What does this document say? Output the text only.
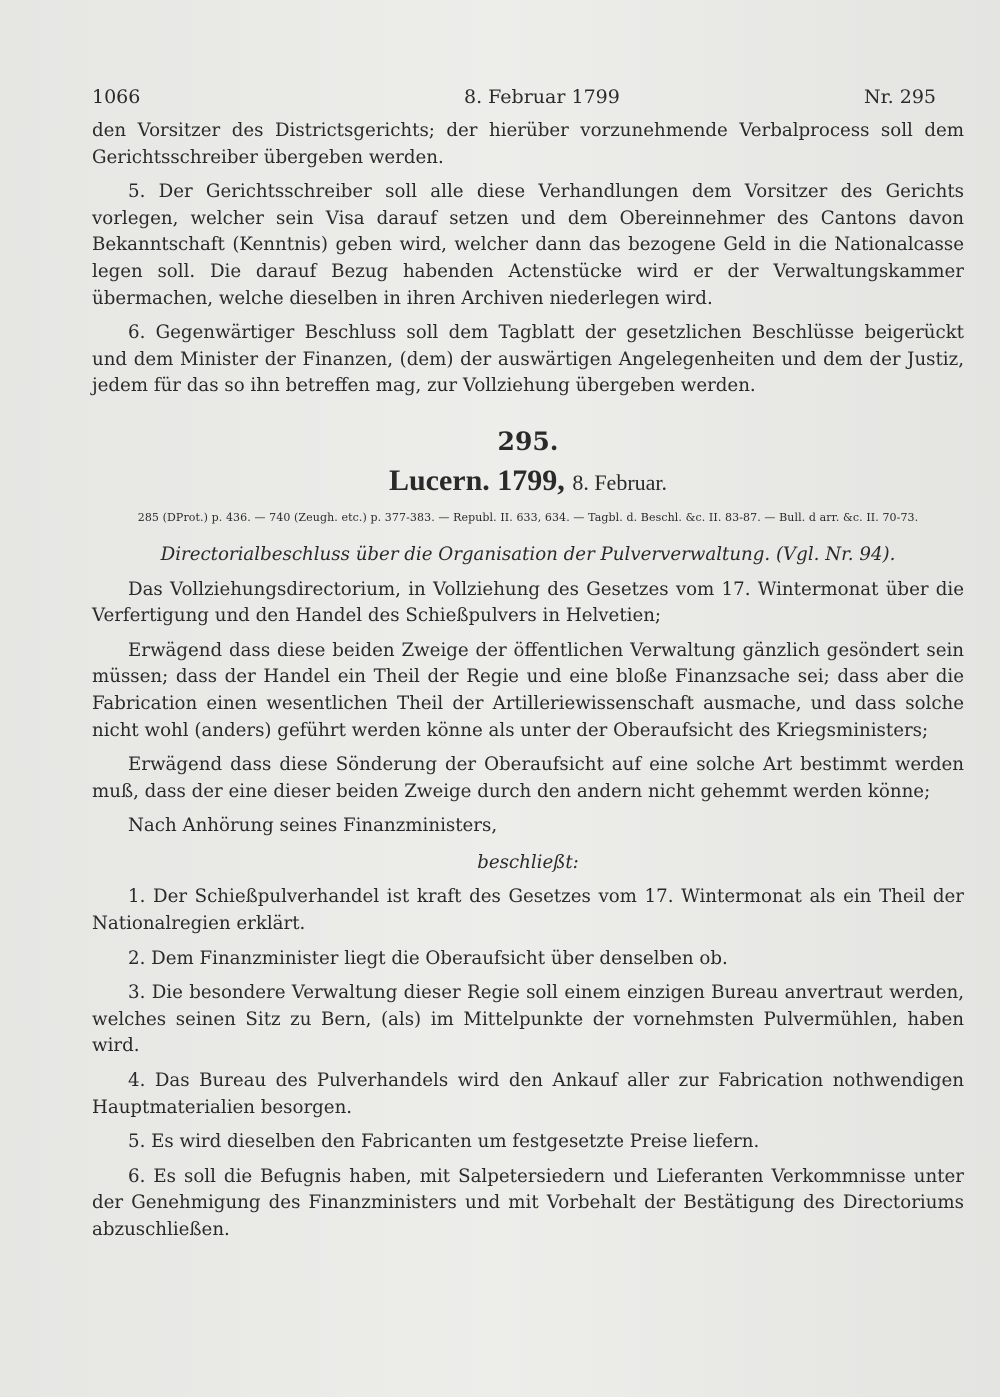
1066	8. Februar 1799	Nr. 295

den Vorsitzer des Districtsgerichts; der hierüber vorzunehmende Verbalprocess soll dem Gerichtsschreiber übergeben werden.

5. Der Gerichtsschreiber soll alle diese Verhandlungen dem Vorsitzer des Gerichts vorlegen, welcher sein Visa darauf setzen und dem Obereinnehmer des Cantons davon Bekanntschaft (Kenntnis) geben wird, welcher dann das bezogene Geld in die Nationalcasse legen soll. Die darauf Bezug habenden Actenstücke wird er der Verwaltungskammer übermachen, welche dieselben in ihren Archiven niederlegen wird.

6. Gegenwärtiger Beschluss soll dem Tagblatt der gesetzlichen Beschlüsse beigerückt und dem Minister der Finanzen, (dem) der auswärtigen Angelegenheiten und dem der Justiz, jedem für das so ihn betreffen mag, zur Vollziehung übergeben werden.

295.
Lucern. 1799, 8. Februar.
285 (DProt.) p. 436. — 740 (Zeugh. etc.) p. 377-383. — Republ. II. 633, 634. — Tagbl. d. Beschl. &c. II. 83-87. — Bull. d arr. &c. II. 70-73.

Directorialbeschluss über die Organisation der Pulververwaltung. (Vgl. Nr. 94).

Das Vollziehungsdirectorium, in Vollziehung des Gesetzes vom 17. Wintermonat über die Verfertigung und den Handel des Schießpulvers in Helvetien;

Erwägend dass diese beiden Zweige der öffentlichen Verwaltung gänzlich gesöndert sein müssen; dass der Handel ein Theil der Regie und eine bloße Finanzsache sei; dass aber die Fabrication einen wesentlichen Theil der Artilleriewissenschaft ausmache, und dass solche nicht wohl (anders) geführt werden könne als unter der Oberaufsicht des Kriegsministers;

Erwägend dass diese Sönderung der Oberaufsicht auf eine solche Art bestimmt werden muß, dass der eine dieser beiden Zweige durch den andern nicht gehemmt werden könne;

Nach Anhörung seines Finanzministers,

beschließt:

1. Der Schießpulverhandel ist kraft des Gesetzes vom 17. Wintermonat als ein Theil der Nationalregien erklärt.

2. Dem Finanzminister liegt die Oberaufsicht über denselben ob.

3. Die besondere Verwaltung dieser Regie soll einem einzigen Bureau anvertraut werden, welches seinen Sitz zu Bern, (als) im Mittelpunkte der vornehmsten Pulvermühlen, haben wird.

4. Das Bureau des Pulverhandels wird den Ankauf aller zur Fabrication nothwendigen Hauptmaterialien besorgen.

5. Es wird dieselben den Fabricanten um festgesetzte Preise liefern.

6. Es soll die Befugnis haben, mit Salpetersiedern und Lieferanten Verkommnisse unter der Genehmigung des Finanzministers und mit Vorbehalt der Bestätigung des Directoriums abzuschließen.
